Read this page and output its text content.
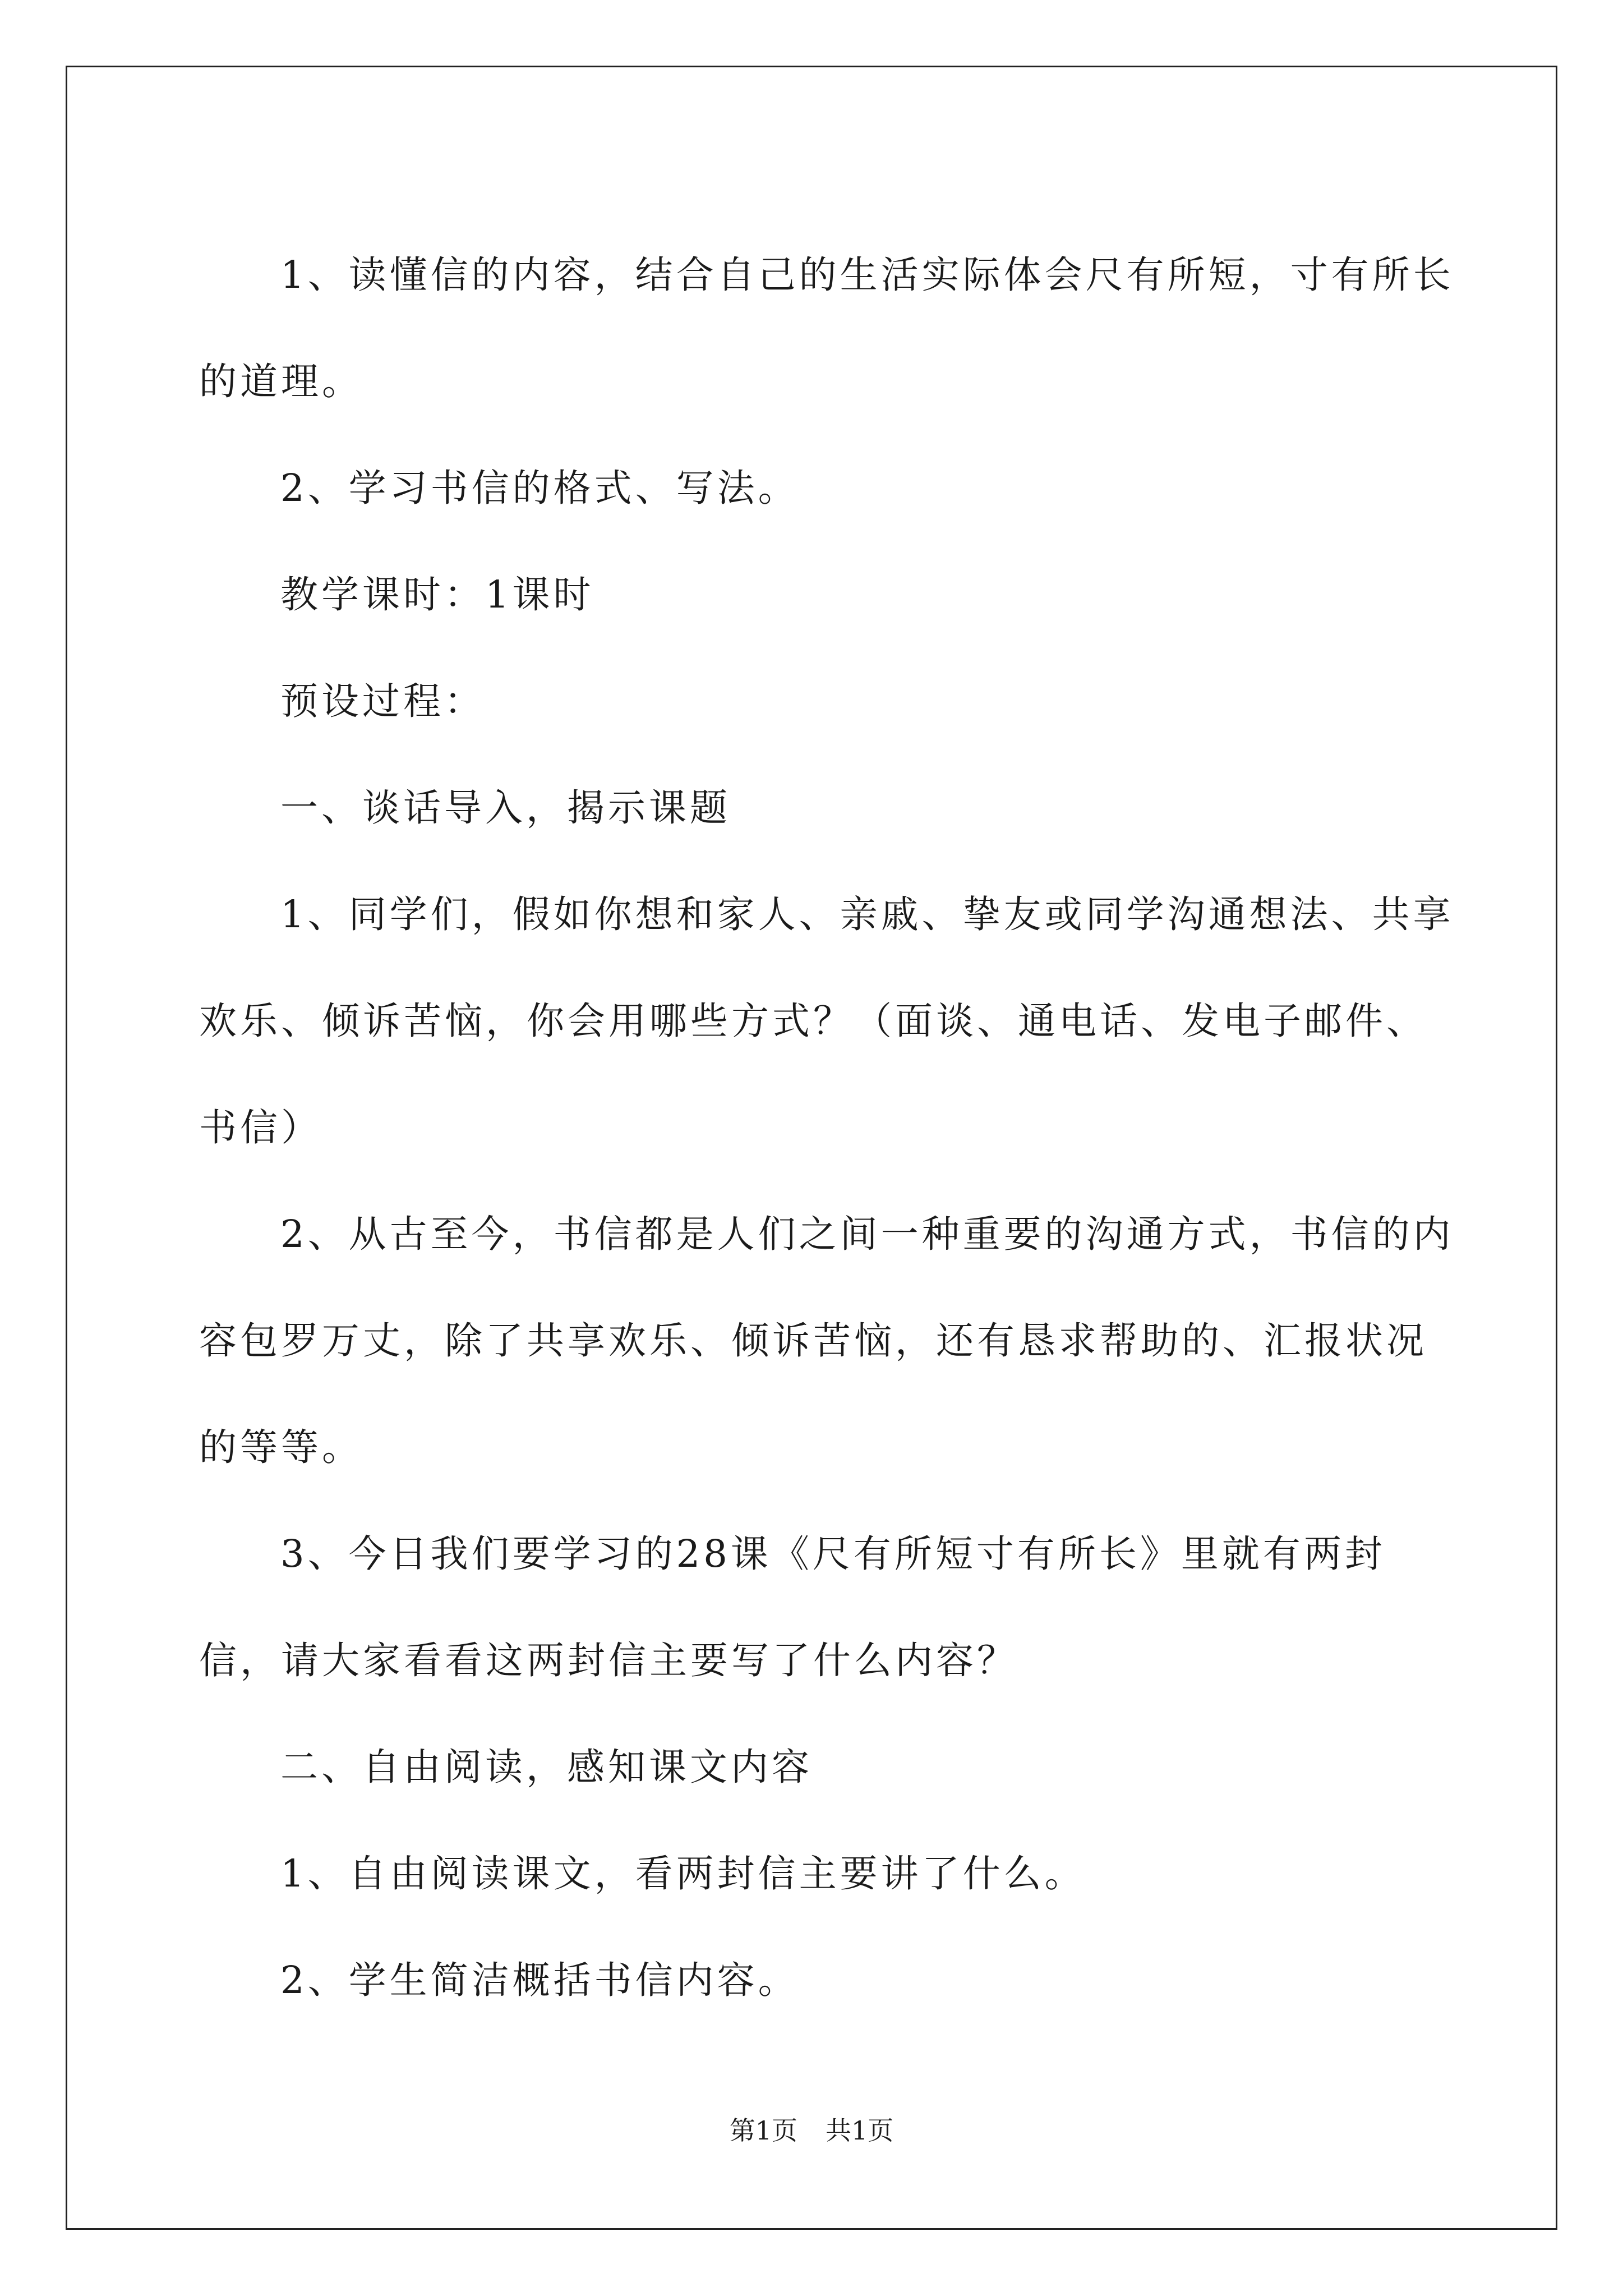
1、读懂信的内容，结合自己的生活实际体会尺有所短，寸有所长的道理。

2、学习书信的格式、写法。

教学课时：1课时

预设过程：

一、谈话导入，揭示课题

1、同学们，假如你想和家人、亲戚、挚友或同学沟通想法、共享欢乐、倾诉苦恼，你会用哪些方式？（面谈、通电话、发电子邮件、书信）

2、从古至今，书信都是人们之间一种重要的沟通方式，书信的内容包罗万丈，除了共享欢乐、倾诉苦恼，还有恳求帮助的、汇报状况的等等。

3、今日我们要学习的28课《尺有所短寸有所长》里就有两封信，请大家看看这两封信主要写了什么内容？

二、自由阅读，感知课文内容

1、自由阅读课文，看两封信主要讲了什么。

2、学生简洁概括书信内容。

第1页 共1页
